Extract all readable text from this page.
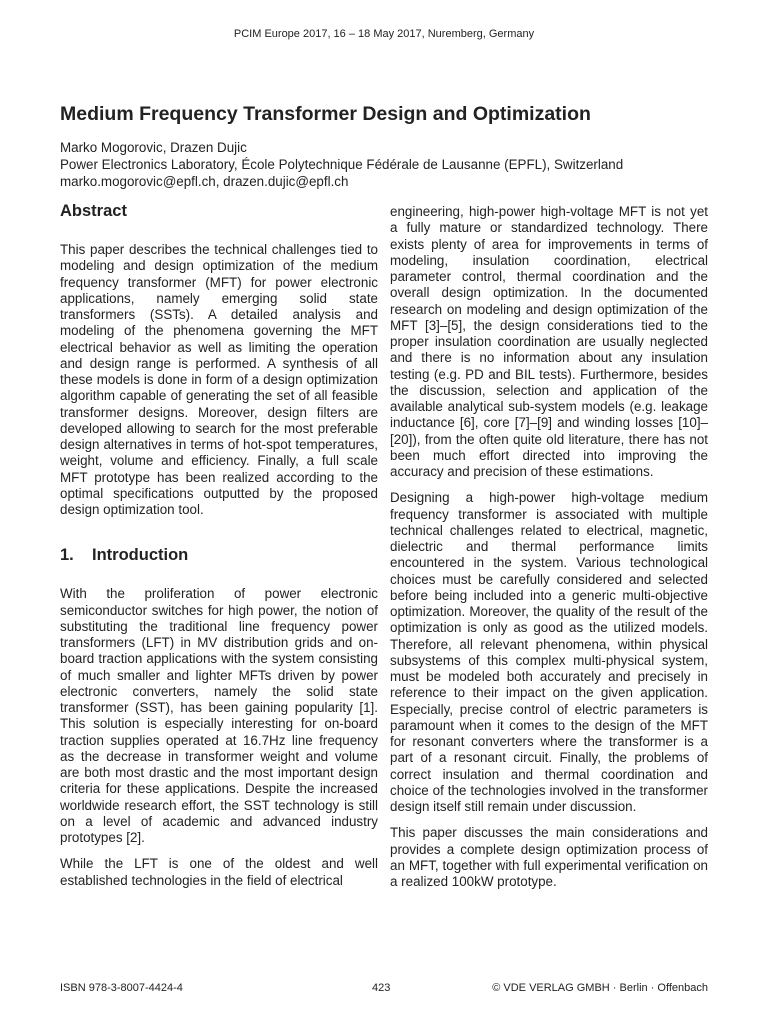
PCIM Europe 2017, 16 – 18 May 2017, Nuremberg, Germany
Medium Frequency Transformer Design and Optimization
Marko Mogorovic, Drazen Dujic
Power Electronics Laboratory, École Polytechnique Fédérale de Lausanne (EPFL), Switzerland
marko.mogorovic@epfl.ch, drazen.dujic@epfl.ch
Abstract

This paper describes the technical challenges tied to modeling and design optimization of the medium frequency transformer (MFT) for power electronic applications, namely emerging solid state transformers (SSTs). A detailed analysis and modeling of the phenomena governing the MFT electrical behavior as well as limiting the operation and design range is performed. A synthesis of all these models is done in form of a design optimization algorithm capable of generating the set of all feasible transformer designs. Moreover, design filters are developed allowing to search for the most preferable design alternatives in terms of hot-spot temperatures, weight, volume and efficiency. Finally, a full scale MFT prototype has been realized according to the optimal specifications outputted by the proposed design optimization tool.

1. Introduction

With the proliferation of power electronic semiconductor switches for high power, the notion of substituting the traditional line frequency power transformers (LFT) in MV distribution grids and on-board traction applications with the system consisting of much smaller and lighter MFTs driven by power electronic converters, namely the solid state transformer (SST), has been gaining popularity [1]. This solution is especially interesting for on-board traction supplies operated at 16.7Hz line frequency as the decrease in transformer weight and volume are both most drastic and the most important design criteria for these applications. Despite the increased worldwide research effort, the SST technology is still on a level of academic and advanced industry prototypes [2].

While the LFT is one of the oldest and well established technologies in the field of electrical

engineering, high-power high-voltage MFT is not yet a fully mature or standardized technology. There exists plenty of area for improvements in terms of modeling, insulation coordination, electrical parameter control, thermal coordination and the overall design optimization. In the documented research on modeling and design optimization of the MFT [3]–[5], the design considerations tied to the proper insulation coordination are usually neglected and there is no information about any insulation testing (e.g. PD and BIL tests). Furthermore, besides the discussion, selection and application of the available analytical sub-system models (e.g. leakage inductance [6], core [7]–[9] and winding losses [10]–[20]), from the often quite old literature, there has not been much effort directed into improving the accuracy and precision of these estimations.

Designing a high-power high-voltage medium frequency transformer is associated with multiple technical challenges related to electrical, magnetic, dielectric and thermal performance limits encountered in the system. Various technological choices must be carefully considered and selected before being included into a generic multi-objective optimization. Moreover, the quality of the result of the optimization is only as good as the utilized models. Therefore, all relevant phenomena, within physical subsystems of this complex multi-physical system, must be modeled both accurately and precisely in reference to their impact on the given application. Especially, precise control of electric parameters is paramount when it comes to the design of the MFT for resonant converters where the transformer is a part of a resonant circuit. Finally, the problems of correct insulation and thermal coordination and choice of the technologies involved in the transformer design itself still remain under discussion.

This paper discusses the main considerations and provides a complete design optimization process of an MFT, together with full experimental verification on a realized 100kW prototype.

ISBN 978-3-8007-4424-4	423	© VDE VERLAG GMBH · Berlin · Offenbach
